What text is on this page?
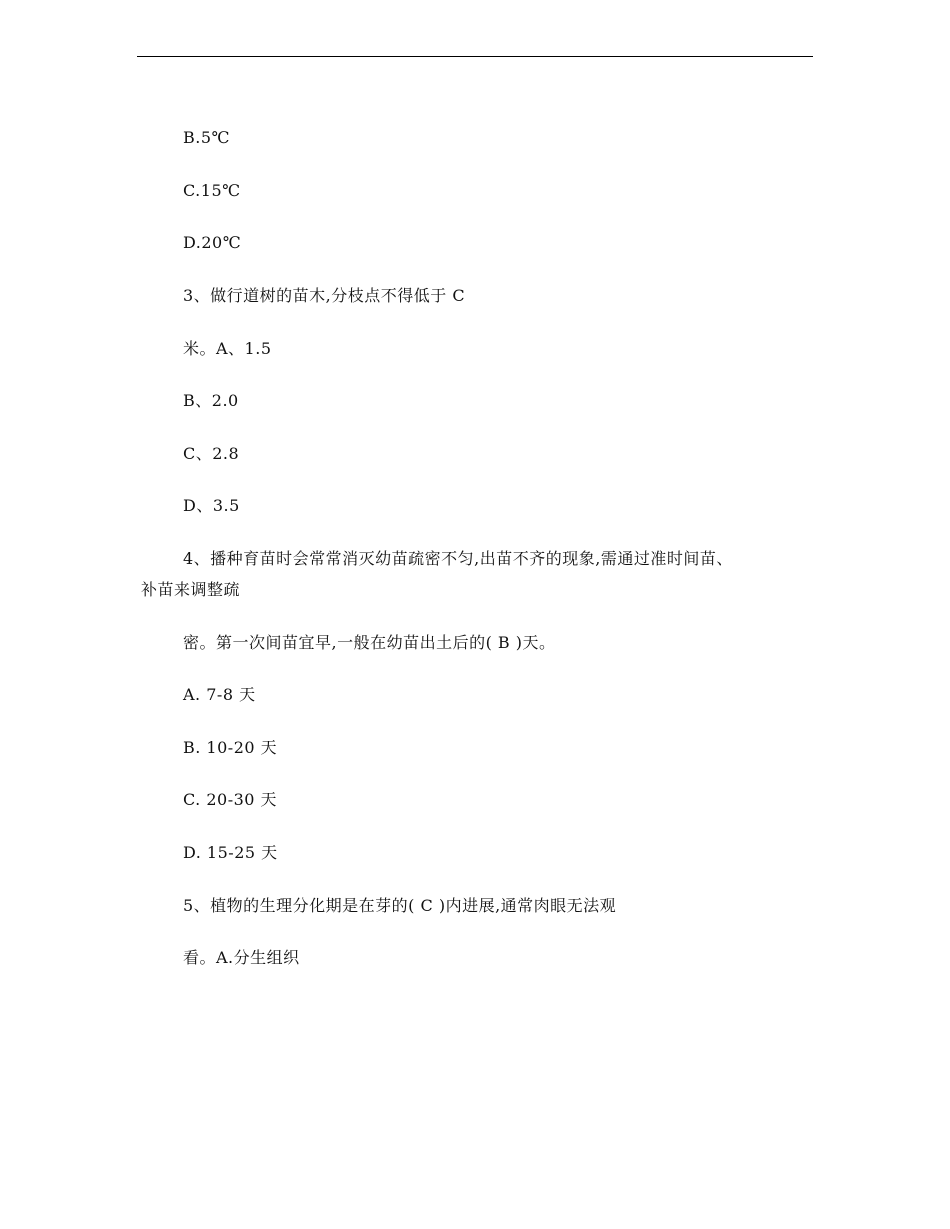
B.5℃
C.15℃
D.20℃
3、做行道树的苗木,分枝点不得低于 C
米。A、1.5
B、2.0
C、2.8
D、3.5
4、播种育苗时会常常消灭幼苗疏密不匀,出苗不齐的现象,需通过准时间苗、
补苗来调整疏
密。第一次间苗宜早,一般在幼苗出土后的( B )天。
A. 7-8 天
B. 10-20 天
C. 20-30 天
D. 15-25 天
5、植物的生理分化期是在芽的( C )内进展,通常肉眼无法观
看。A.分生组织
